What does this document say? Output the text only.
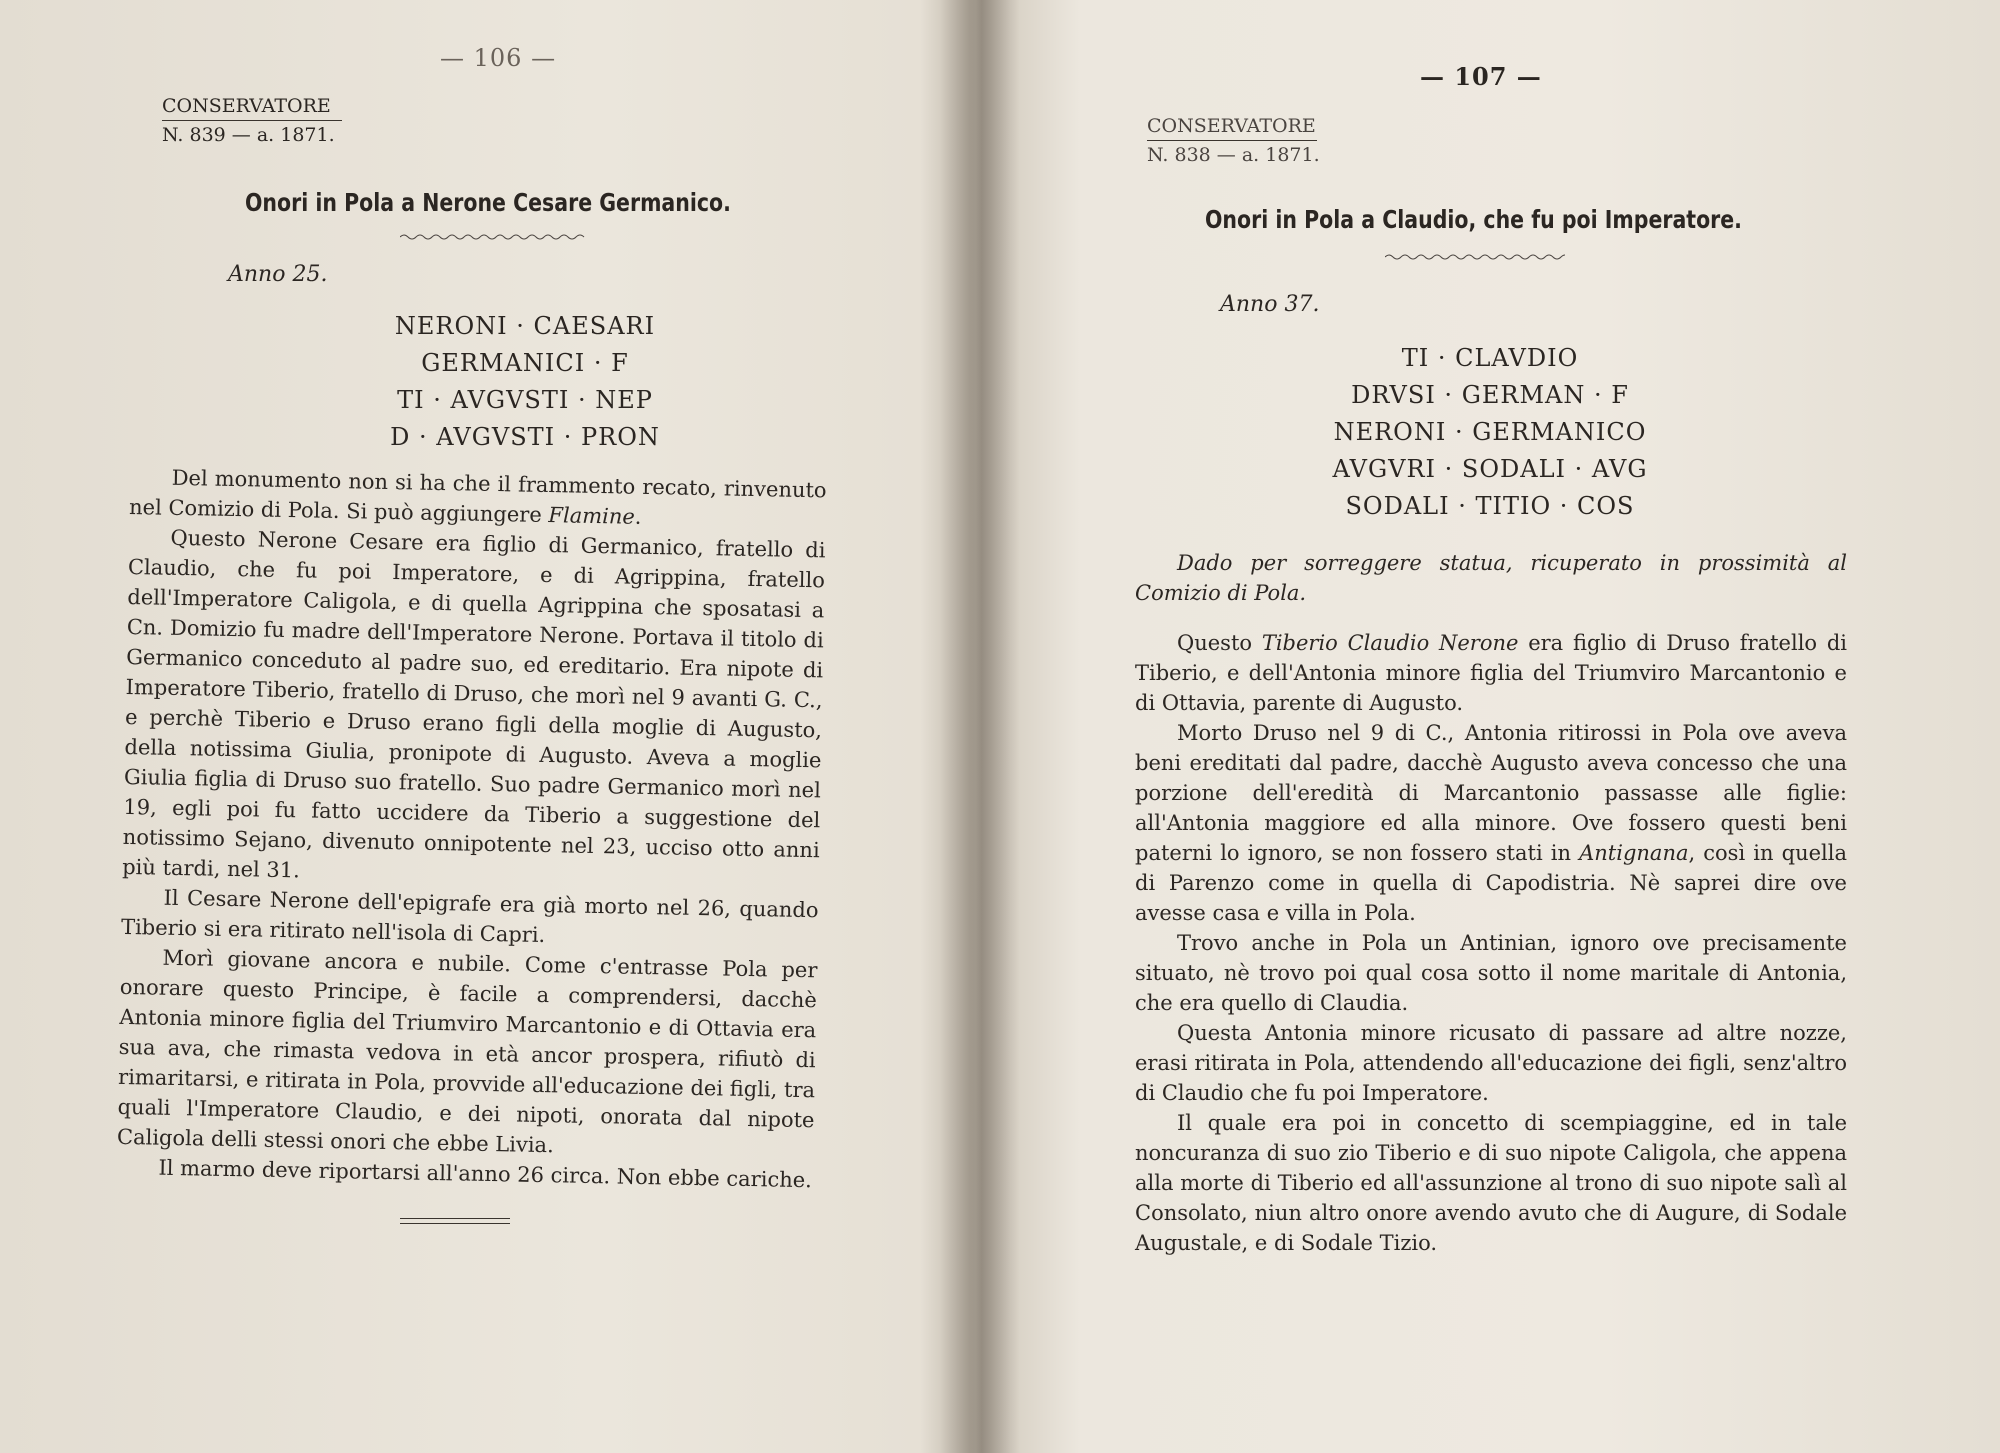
— 106 —
CONSERVATORE
N. 839 — a. 1871.
Onori in Pola a Nerone Cesare Germanico.
Anno 25.
NERONI · CAESARI
GERMANICI · F
TI · AVGVSTI · NEP
D · AVGVSTI · PRON

Del monumento non si ha che il frammento recato, rinvenuto nel Comizio di Pola. Si può aggiungere Flamine.

Questo Nerone Cesare era figlio di Germanico, fratello di Claudio, che fu poi Imperatore, e di Agrippina, fratello dell'Imperatore Caligola, e di quella Agrippina che sposatasi a Cn. Domizio fu madre dell'Imperatore Nerone. Portava il titolo di Germanico conceduto al padre suo, ed ereditario. Era nipote di Imperatore Tiberio, fratello di Druso, che morì nel 9 avanti G. C., e perchè Tiberio e Druso erano figli della moglie di Augusto, della notissima Giulia, pronipote di Augusto. Aveva a moglie Giulia figlia di Druso suo fratello. Suo padre Germanico morì nel 19, egli poi fu fatto uccidere da Tiberio a suggestione del notissimo Sejano, divenuto onnipotente nel 23, ucciso otto anni più tardi, nel 31.

Il Cesare Nerone dell'epigrafe era già morto nel 26, quando Tiberio si era ritirato nell'isola di Capri.

Morì giovane ancora e nubile. Come c'entrasse Pola per onorare questo Principe, è facile a comprendersi, dacchè Antonia minore figlia del Triumviro Marcantonio e di Ottavia era sua ava, che rimasta vedova in età ancor prospera, rifiutò di rimaritarsi, e ritirata in Pola, provvide all'educazione dei figli, tra quali l'Imperatore Claudio, e dei nipoti, onorata dal nipote Caligola delli stessi onori che ebbe Livia.

Il marmo deve riportarsi all'anno 26 circa. Non ebbe cariche.

— 107 —
CONSERVATORE
N. 838 — a. 1871.
Onori in Pola a Claudio, che fu poi Imperatore.
Anno 37.
TI · CLAVDIO
DRVSI · GERMAN · F
NERONI · GERMANICO
AVGVRI · SODALI · AVG
SODALI · TITIO · COS

Dado per sorreggere statua, ricuperato in prossimità al Comizio di Pola.

Questo Tiberio Claudio Nerone era figlio di Druso fratello di Tiberio, e dell'Antonia minore figlia del Triumviro Marcantonio e di Ottavia, parente di Augusto.

Morto Druso nel 9 di C., Antonia ritirossi in Pola ove aveva beni ereditati dal padre, dacchè Augusto aveva concesso che una porzione dell'eredità di Marcantonio passasse alle figlie: all'Antonia maggiore ed alla minore. Ove fossero questi beni paterni lo ignoro, se non fossero stati in Antignana, così in quella di Parenzo come in quella di Capodistria. Nè saprei dire ove avesse casa e villa in Pola.

Trovo anche in Pola un Antinian, ignoro ove precisamente situato, nè trovo poi qual cosa sotto il nome maritale di Antonia, che era quello di Claudia.

Questa Antonia minore ricusato di passare ad altre nozze, erasi ritirata in Pola, attendendo all'educazione dei figli, senz'altro di Claudio che fu poi Imperatore.

Il quale era poi in concetto di scempiaggine, ed in tale noncuranza di suo zio Tiberio e di suo nipote Caligola, che appena alla morte di Tiberio ed all'assunzione al trono di suo nipote salì al Consolato, niun altro onore avendo avuto che di Augure, di Sodale Augustale, e di Sodale Tizio.
